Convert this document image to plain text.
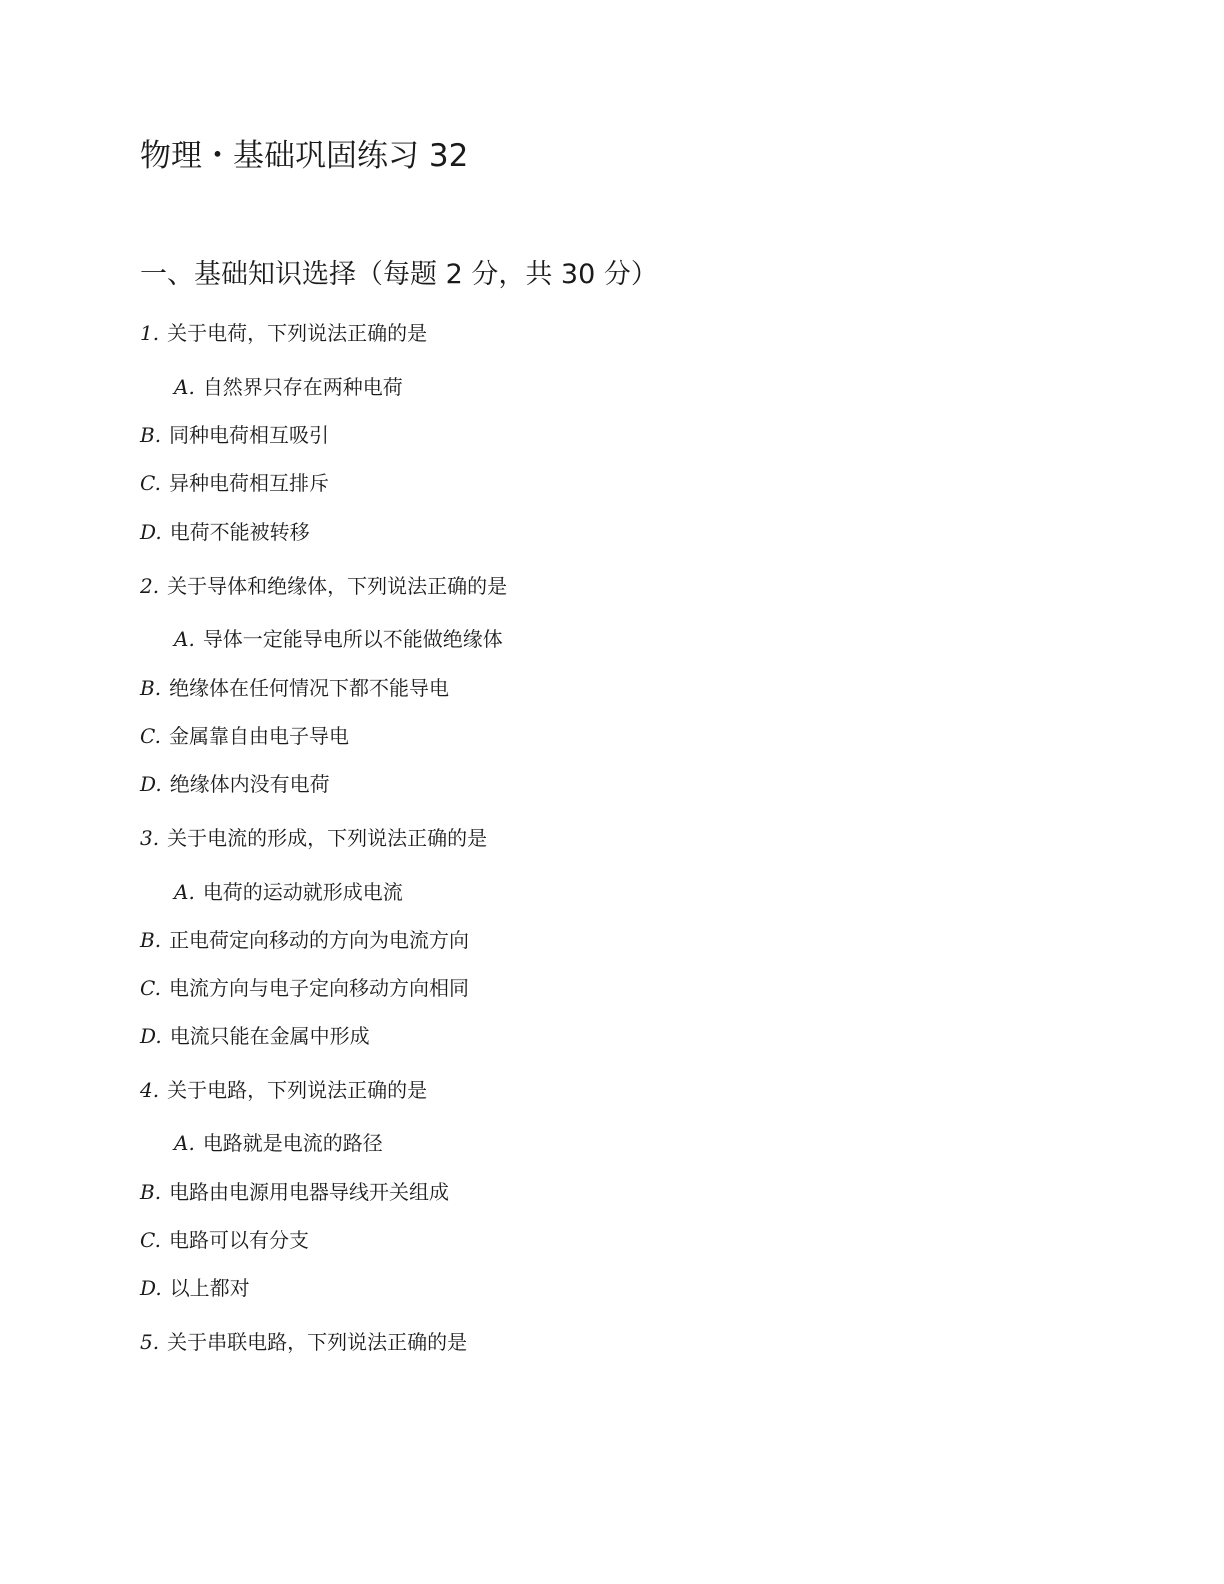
物理・基础巩固练习 32
一、基础知识选择（每题 2 分，共 30 分）
1. 关于电荷，下列说法正确的是
A. 自然界只存在两种电荷
B. 同种电荷相互吸引
C. 异种电荷相互排斥
D. 电荷不能被转移
2. 关于导体和绝缘体，下列说法正确的是
A. 导体一定能导电所以不能做绝缘体
B. 绝缘体在任何情况下都不能导电
C. 金属靠自由电子导电
D. 绝缘体内没有电荷
3. 关于电流的形成，下列说法正确的是
A. 电荷的运动就形成电流
B. 正电荷定向移动的方向为电流方向
C. 电流方向与电子定向移动方向相同
D. 电流只能在金属中形成
4. 关于电路，下列说法正确的是
A. 电路就是电流的路径
B. 电路由电源用电器导线开关组成
C. 电路可以有分支
D. 以上都对
5. 关于串联电路，下列说法正确的是
